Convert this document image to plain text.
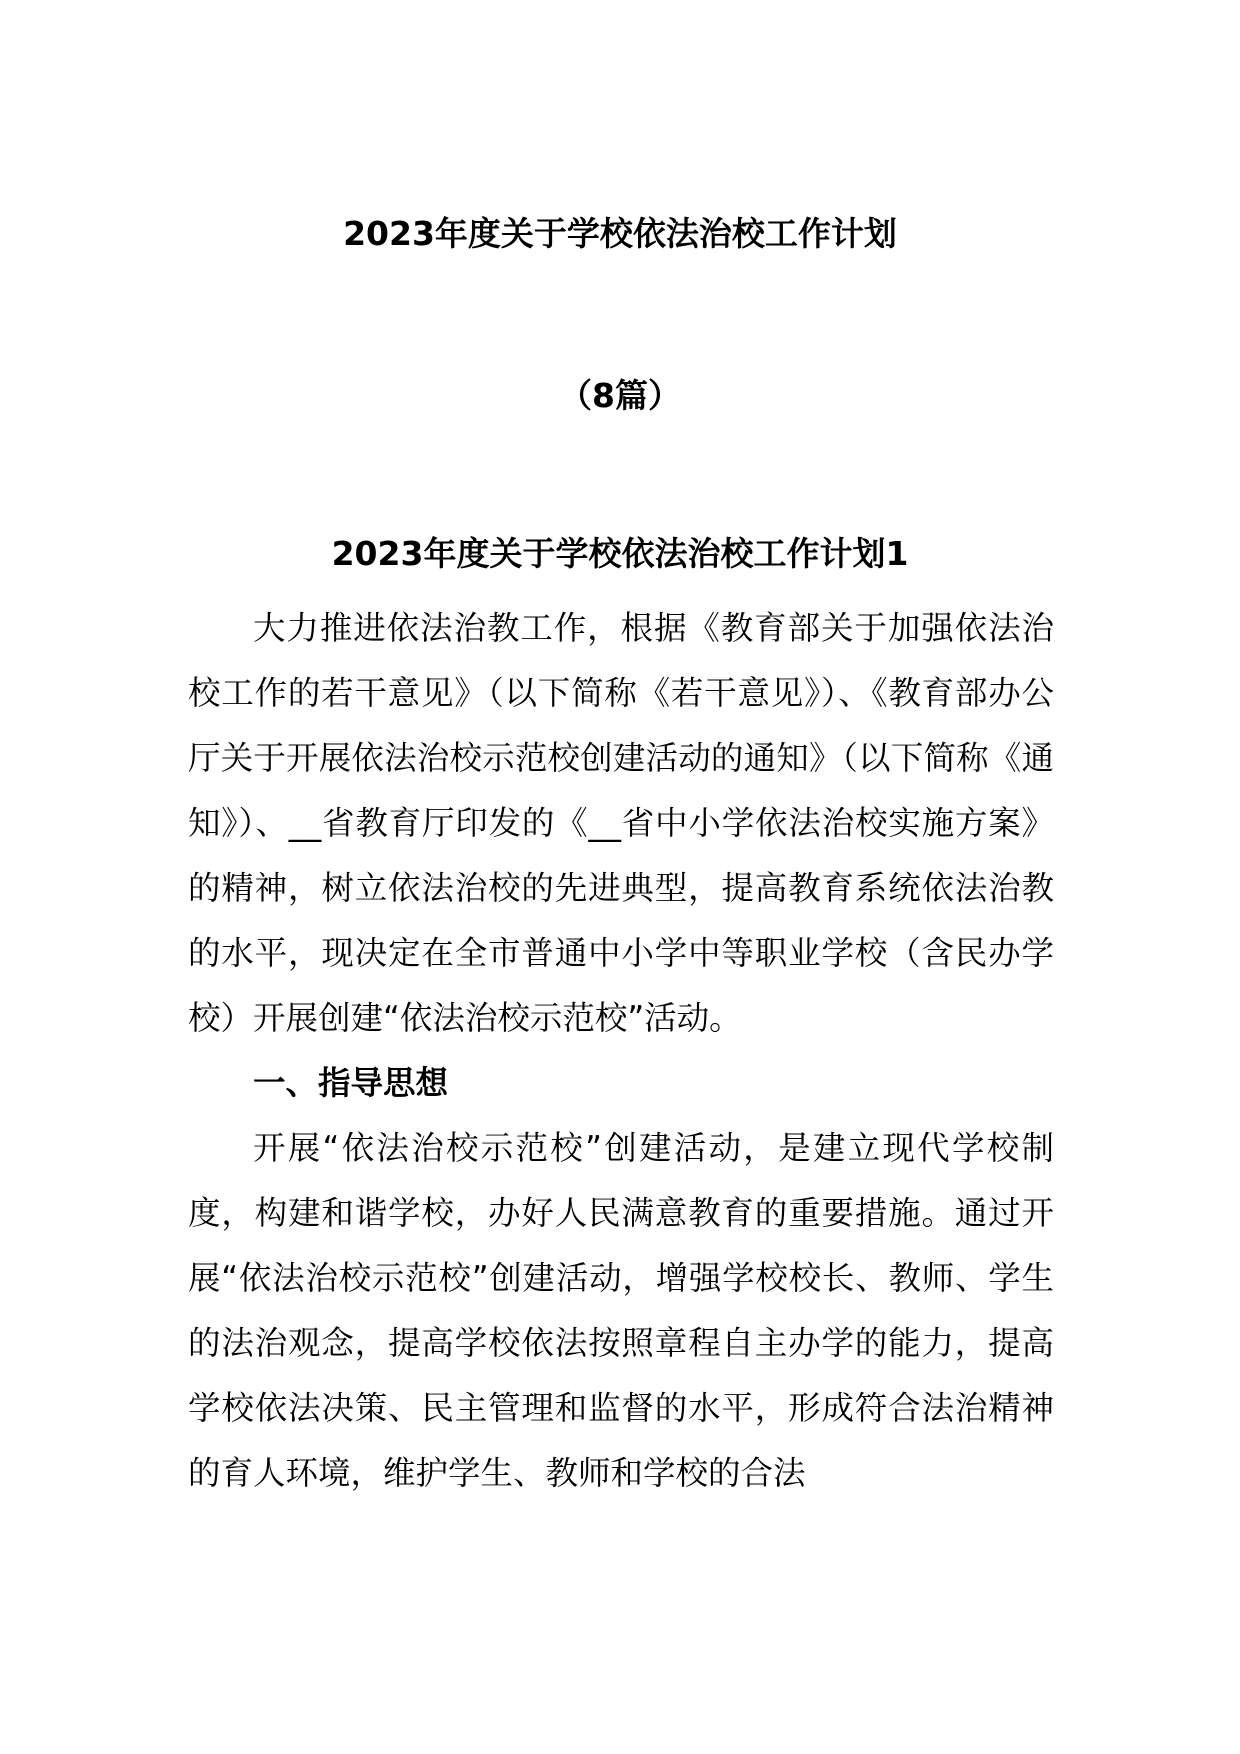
2023年度关于学校依法治校工作计划
（8篇）
2023年度关于学校依法治校工作计划1

大力推进依法治教工作，根据《教育部关于加强依法治校工作的若干意见》（以下简称《若干意见》）、《教育部办公厅关于开展依法治校示范校创建活动的通知》（以下简称《通知》）、__省教育厅印发的《__省中小学依法治校实施方案》的精神，树立依法治校的先进典型，提高教育系统依法治教的水平，现决定在全市普通中小学中等职业学校（含民办学校）开展创建“依法治校示范校”活动。

一、指导思想

开展“依法治校示范校”创建活动，是建立现代学校制度，构建和谐学校，办好人民满意教育的重要措施。通过开展“依法治校示范校”创建活动，增强学校校长、教师、学生的法治观念，提高学校依法按照章程自主办学的能力，提高学校依法决策、民主管理和监督的水平，形成符合法治精神的育人环境，维护学生、教师和学校的合法
